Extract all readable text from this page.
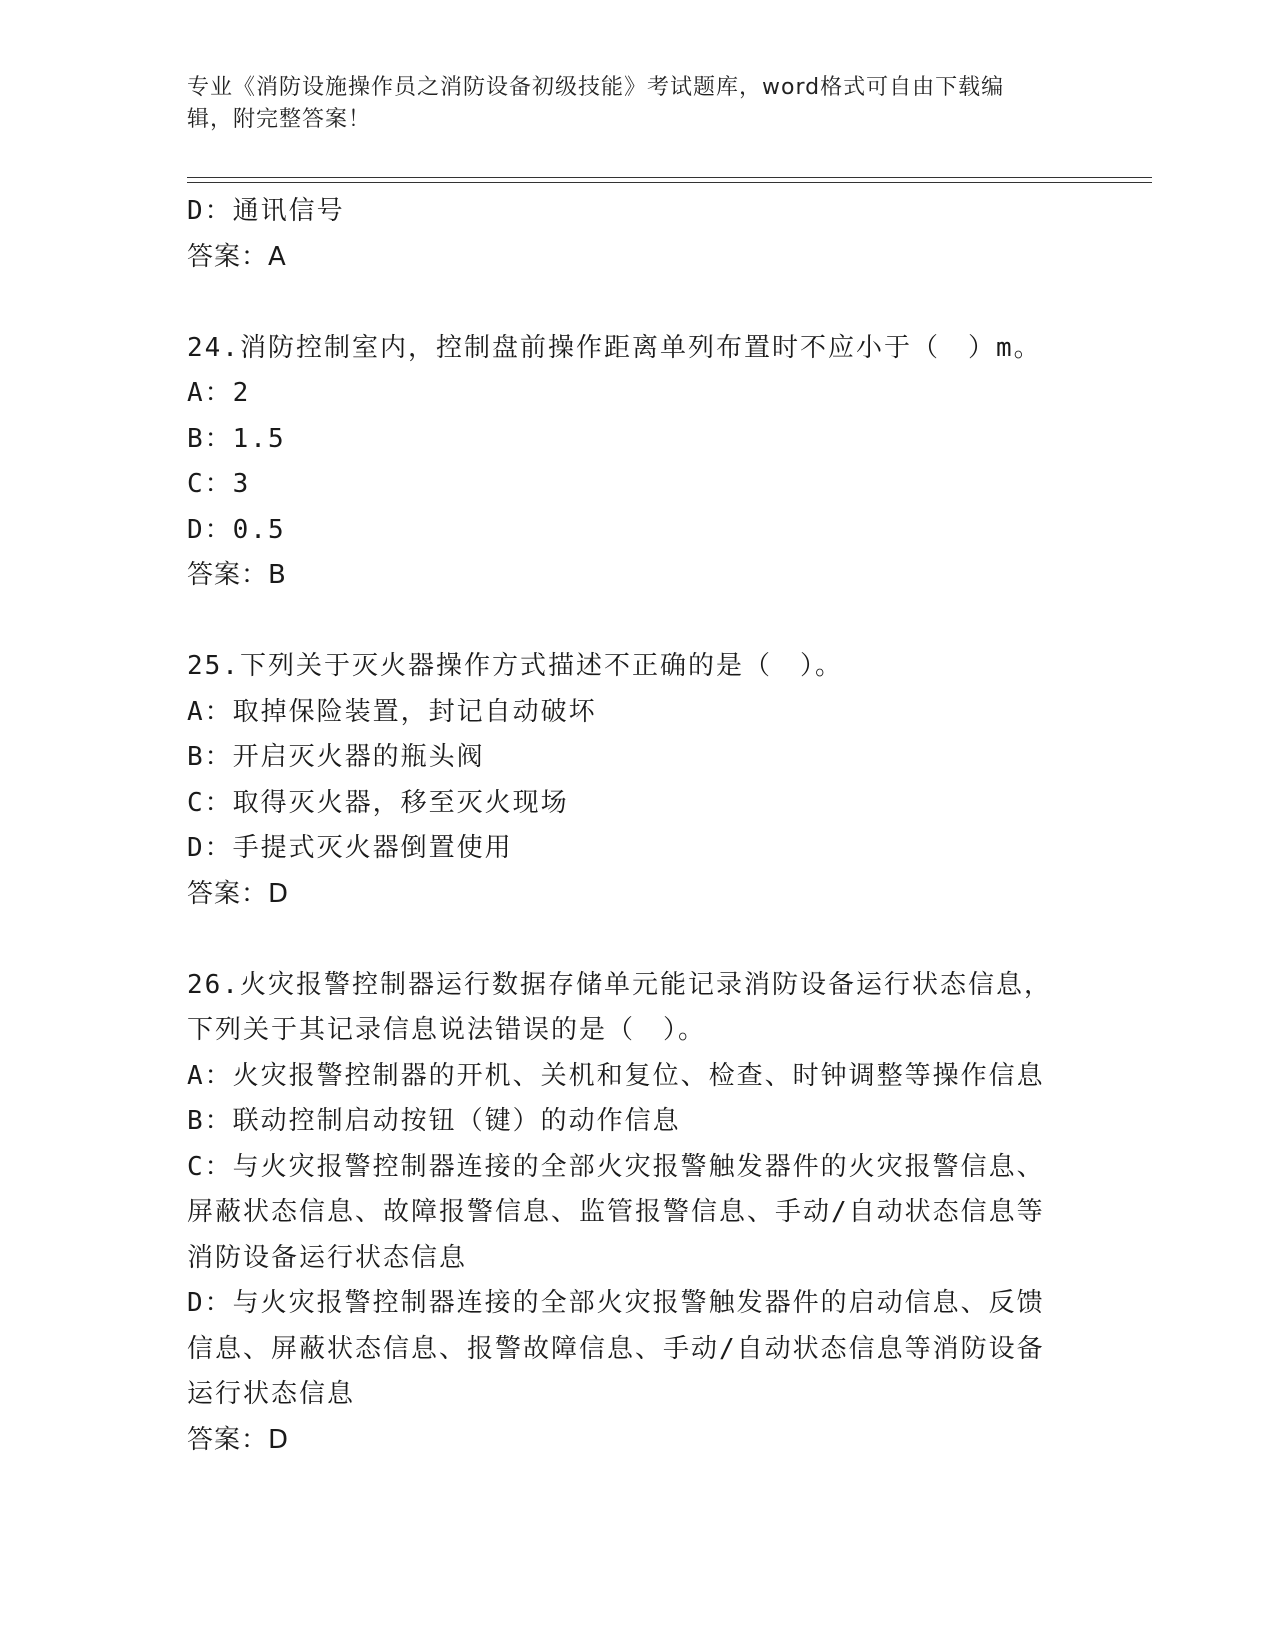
专业《消防设施操作员之消防设备初级技能》考试题库，word格式可自由下载编
辑，附完整答案！
D：通讯信号
答案：A
24.消防控制室内，控制盘前操作距离单列布置时不应小于（　）m。
A：2
B：1.5
C：3
D：0.5
答案：B
25.下列关于灭火器操作方式描述不正确的是（　）。
A：取掉保险装置，封记自动破坏
B：开启灭火器的瓶头阀
C：取得灭火器，移至灭火现场
D：手提式灭火器倒置使用
答案：D
26.火灾报警控制器运行数据存储单元能记录消防设备运行状态信息，
下列关于其记录信息说法错误的是（　）。
A：火灾报警控制器的开机、关机和复位、检查、时钟调整等操作信息
B：联动控制启动按钮（键）的动作信息
C：与火灾报警控制器连接的全部火灾报警触发器件的火灾报警信息、
屏蔽状态信息、故障报警信息、监管报警信息、手动/自动状态信息等
消防设备运行状态信息
D：与火灾报警控制器连接的全部火灾报警触发器件的启动信息、反馈
信息、屏蔽状态信息、报警故障信息、手动/自动状态信息等消防设备
运行状态信息
答案：D
